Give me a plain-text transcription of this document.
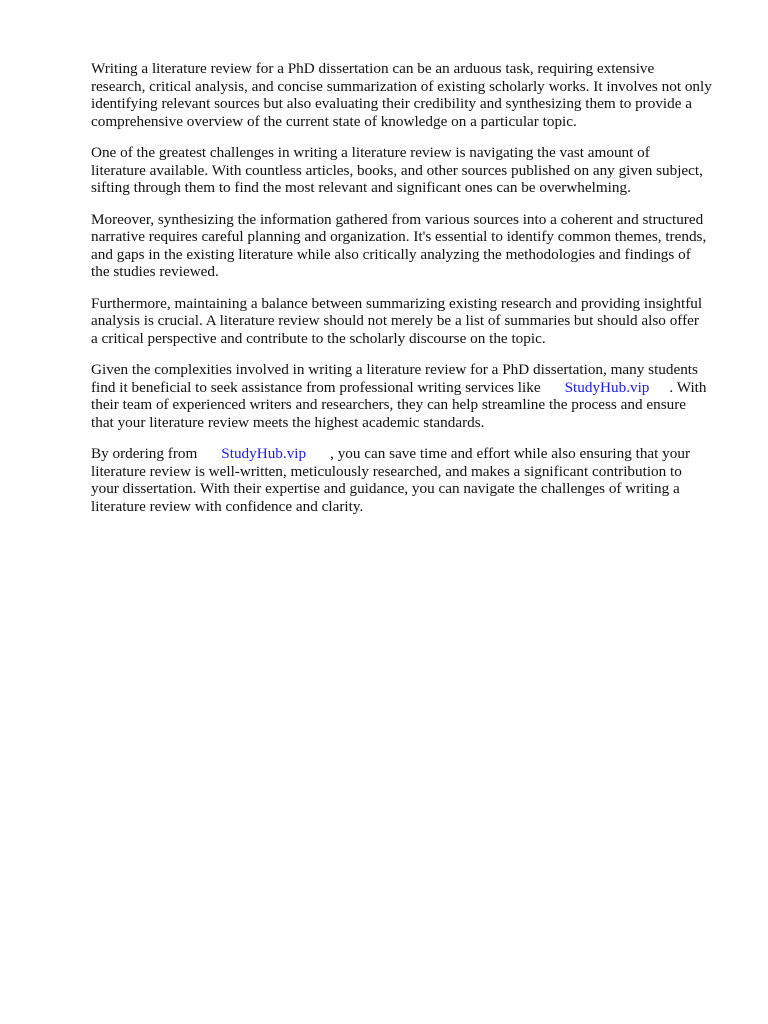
Writing a literature review for a PhD dissertation can be an arduous task, requiring extensive
research, critical analysis, and concise summarization of existing scholarly works. It involves not only
identifying relevant sources but also evaluating their credibility and synthesizing them to provide a
comprehensive overview of the current state of knowledge on a particular topic.

One of the greatest challenges in writing a literature review is navigating the vast amount of
literature available. With countless articles, books, and other sources published on any given subject,
sifting through them to find the most relevant and significant ones can be overwhelming.

Moreover, synthesizing the information gathered from various sources into a coherent and structured
narrative requires careful planning and organization. It's essential to identify common themes, trends,
and gaps in the existing literature while also critically analyzing the methodologies and findings of
the studies reviewed.

Furthermore, maintaining a balance between summarizing existing research and providing insightful
analysis is crucial. A literature review should not merely be a list of summaries but should also offer
a critical perspective and contribute to the scholarly discourse on the topic.

Given the complexities involved in writing a literature review for a PhD dissertation, many students
find it beneficial to seek assistance from professional writing services like StudyHub.vip . With
their team of experienced writers and researchers, they can help streamline the process and ensure
that your literature review meets the highest academic standards.

By ordering from StudyHub.vip , you can save time and effort while also ensuring that your
literature review is well-written, meticulously researched, and makes a significant contribution to
your dissertation. With their expertise and guidance, you can navigate the challenges of writing a
literature review with confidence and clarity.
